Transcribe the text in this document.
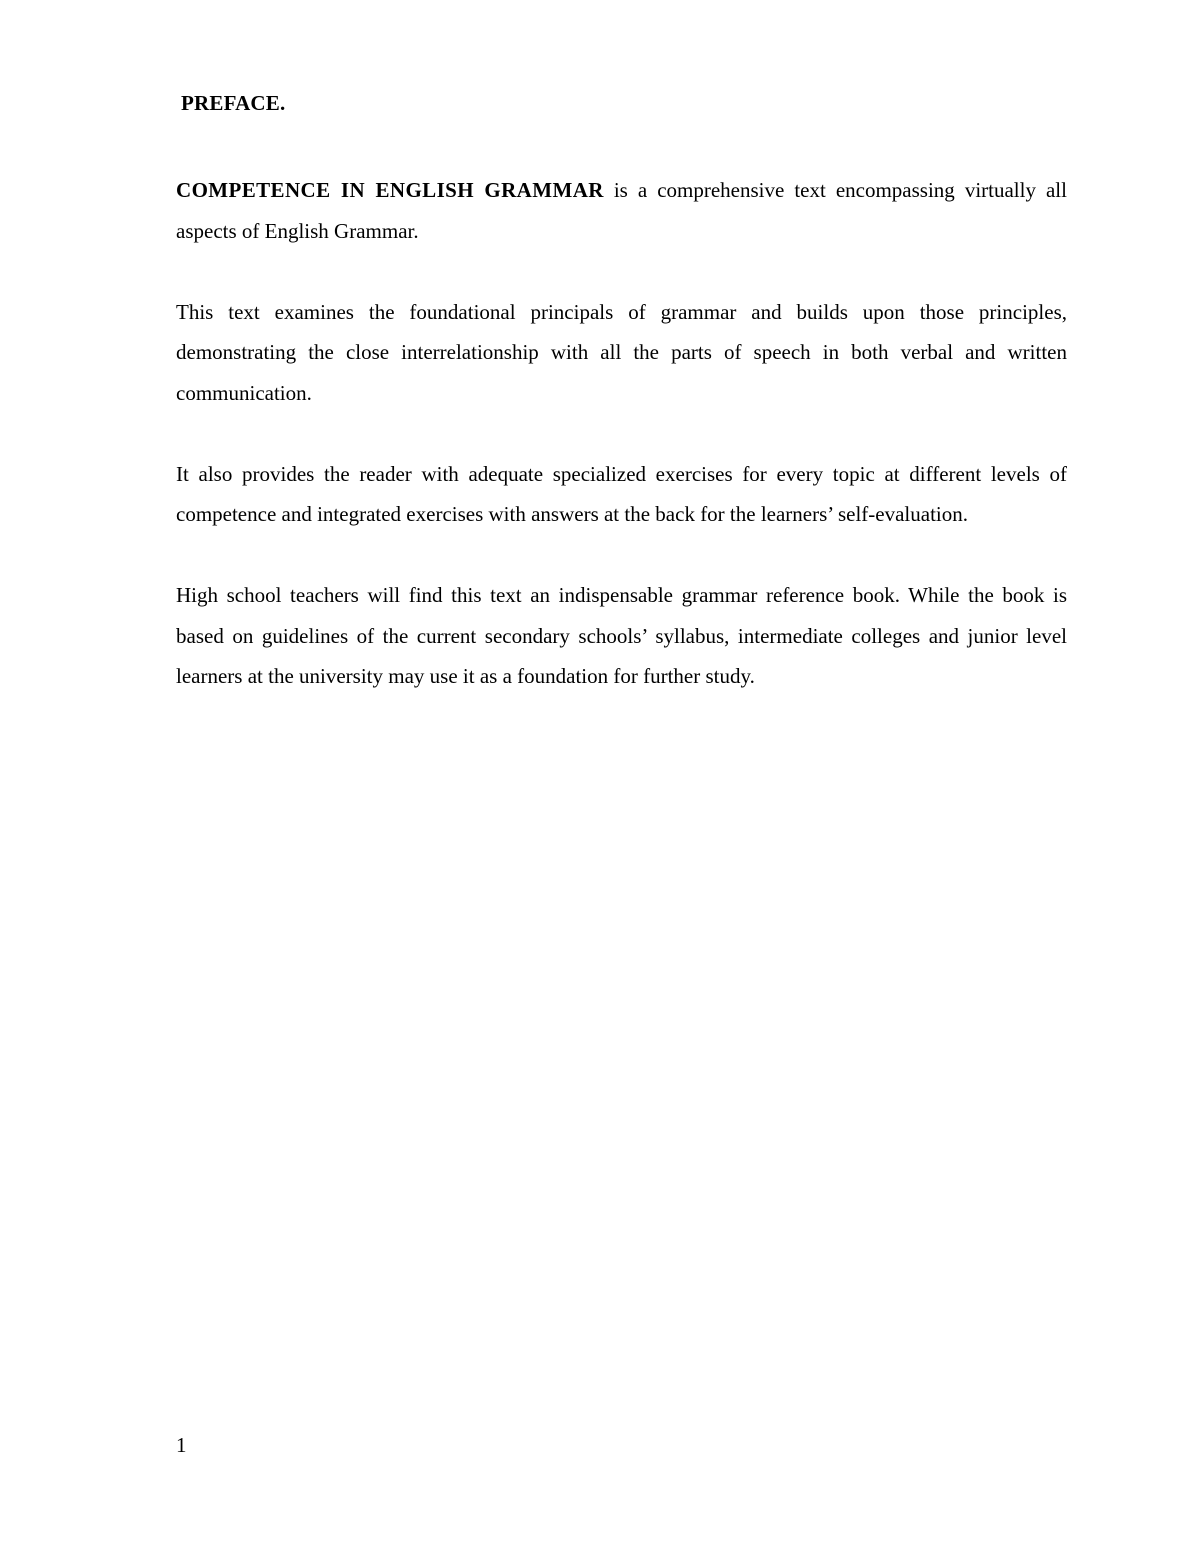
PREFACE.

COMPETENCE IN ENGLISH GRAMMAR is a comprehensive text encompassing virtually all aspects of English Grammar.

This text examines the foundational principals of grammar and builds upon those principles, demonstrating the close interrelationship with all the parts of speech in both verbal and written communication.

It also provides the reader with adequate specialized exercises for every topic at different levels of competence and integrated exercises with answers at the back for the learners’ self-evaluation.

High school teachers will find this text an indispensable grammar reference book. While the book is based on guidelines of the current secondary schools’ syllabus, intermediate colleges and junior level learners at the university may use it as a foundation for further study.

1
